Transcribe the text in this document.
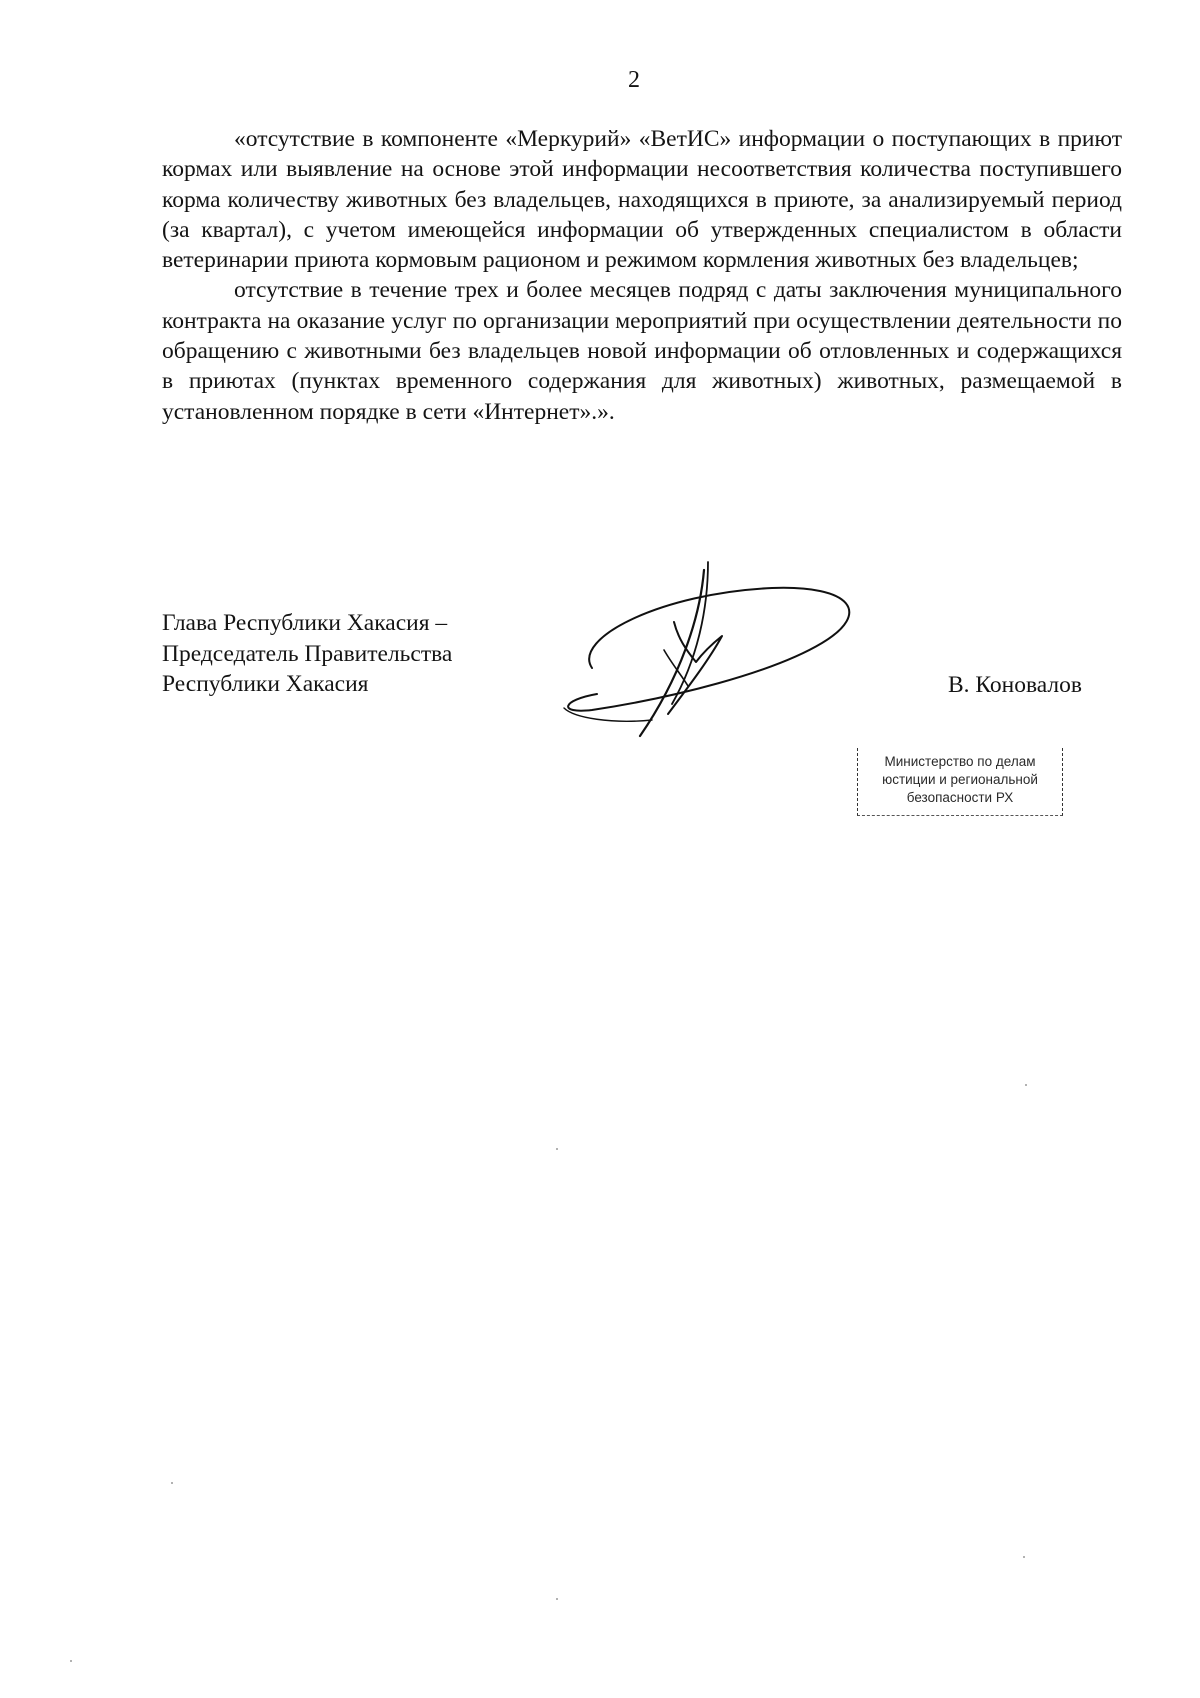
2

«отсутствие в компоненте «Меркурий» «ВетИС» информации о поступающих в приют кормах или выявление на основе этой информации несоответствия количества поступившего корма количеству животных без владельцев, находящихся в приюте, за анализируемый период (за квартал), с учетом имеющейся информации об утвержденных специалистом в области ветеринарии приюта кормовым рационом и режимом кормления животных без владельцев;

отсутствие в течение трех и более месяцев подряд с даты заключения муниципального контракта на оказание услуг по организации мероприятий при осуществлении деятельности по обращению с животными без владельцев новой информации об отловленных и содержащихся в приютах (пунктах временного содержания для животных) животных, размещаемой в установленном порядке в сети «Интернет».».

Глава Республики Хакасия –
Председатель Правительства
Республики Хакасия	В. Коновалов
Министерство по делам
юстиции и региональной
безопасности РХ
